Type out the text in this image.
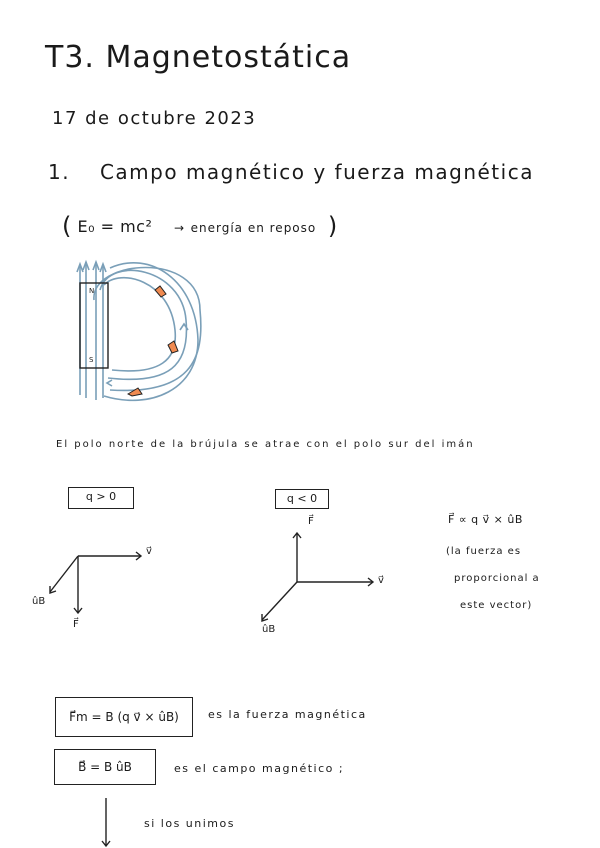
T3. Magnetostática
17 de octubre 2023
1. Campo magnético y fuerza magnética
( E₀ = mc² → energía en reposo )
N
S
El polo norte de la brújula se atrae con el polo sur del imán
q > 0
v⃗
ûB
F⃗
q < 0
F⃗
v⃗
ûB
F⃗ ∝ q v⃗ × ûB
(la fuerza es
proporcional a
este vector)
F⃗m = B (q v⃗ × ûB)	es la fuerza magnética
B⃗ = B ûB	es el campo magnético ;
si los unimos
